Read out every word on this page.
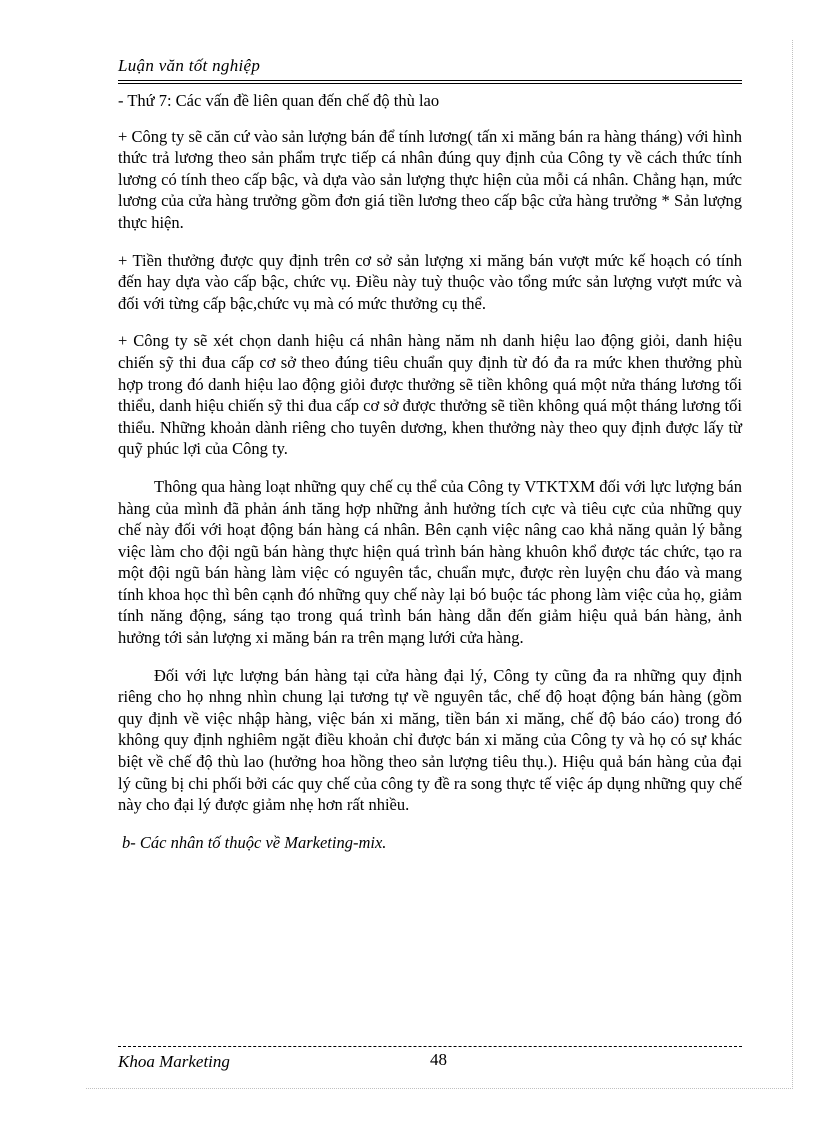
Luận văn tốt nghiệp

- Thứ 7: Các vấn đề liên quan đến chế độ thù lao

+ Công ty sẽ căn cứ vào sản lượng bán để tính lương( tấn xi măng bán ra hàng tháng) với hình thức trả lương theo sản phẩm trực tiếp cá nhân đúng quy định của Công ty về cách thức tính lương có tính theo cấp bậc, và dựa vào sản lượng thực hiện của mỗi cá nhân. Chẳng hạn, mức lương của cửa hàng trưởng gồm đơn giá tiền lương theo cấp bậc cửa hàng trưởng * Sản lượng thực hiện.

+ Tiền thưởng được quy định trên cơ sở sản lượng xi măng bán vượt mức kế hoạch có tính đến hay dựa vào cấp bậc, chức vụ. Điều này tuỳ thuộc vào tổng mức sản lượng vượt mức và đối với từng cấp bậc,chức vụ mà có mức thưởng cụ thể.

+ Công ty sẽ xét chọn danh hiệu cá nhân hàng năm nh danh hiệu lao động giỏi, danh hiệu chiến sỹ thi đua cấp cơ sở theo đúng tiêu chuẩn quy định từ đó đa ra mức khen thưởng phù hợp trong đó danh hiệu lao động giỏi được thưởng sẽ tiền không quá một nửa tháng lương tối thiểu, danh hiệu chiến sỹ thi đua cấp cơ sở được thưởng sẽ tiền không quá một tháng lương tối thiểu. Những khoản dành riêng cho tuyên dương, khen thưởng này theo quy định được lấy từ quỹ phúc lợi của Công ty.

Thông qua hàng loạt những quy chế cụ thể của Công ty VTKTXM đối với lực lượng bán hàng của mình đã phản ánh tăng hợp những ảnh hưởng tích cực và tiêu cực của những quy chế này đối với hoạt động bán hàng cá nhân. Bên cạnh việc nâng cao khả năng quản lý bằng việc làm cho đội ngũ bán hàng thực hiện quá trình bán hàng khuôn khổ được tác chức, tạo ra một đội ngũ bán hàng làm việc có nguyên tắc, chuẩn mực, được rèn luyện chu đáo và mang tính khoa học thì bên cạnh đó những quy chế này lại bó buộc tác phong làm việc của họ, giảm tính năng động, sáng tạo trong quá trình bán hàng dẫn đến giảm hiệu quả bán hàng, ảnh hưởng tới sản lượng xi măng bán ra trên mạng lưới cửa hàng.

Đối với lực lượng bán hàng tại cửa hàng đại lý, Công ty cũng đa ra những quy định riêng cho họ nhng nhìn chung lại tương tự về nguyên tắc, chế độ hoạt động bán hàng (gồm quy định về việc nhập hàng, việc bán xi măng, tiền bán xi măng, chế độ báo cáo) trong đó không quy định nghiêm ngặt điều khoản chỉ được bán xi măng của Công ty và họ có sự khác biệt về chế độ thù lao (hưởng hoa hồng theo sản lượng tiêu thụ.). Hiệu quả bán hàng của đại lý cũng bị chi phối bởi các quy chế của công ty đề ra song thực tế việc áp dụng những quy chế này cho đại lý được giảm nhẹ hơn rất nhiều.

b- Các nhân tố thuộc về Marketing-mix.

Khoa Marketing	48
